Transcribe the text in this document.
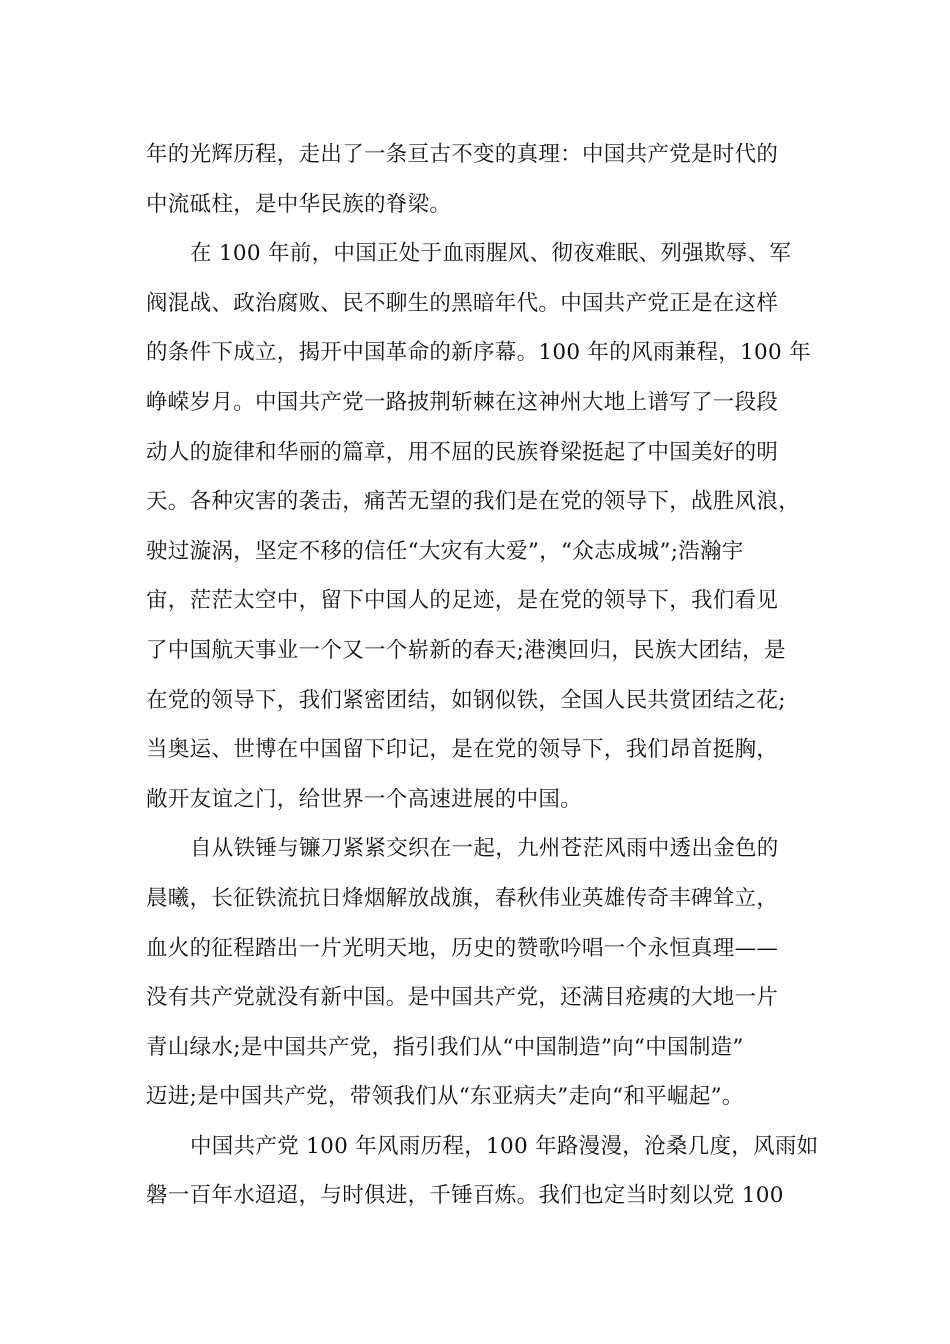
年的光辉历程，走出了一条亘古不变的真理：中国共产党是时代的
中流砥柱，是中华民族的脊梁。
在 100 年前，中国正处于血雨腥风、彻夜难眠、列强欺辱、军
阀混战、政治腐败、民不聊生的黑暗年代。中国共产党正是在这样
的条件下成立，揭开中国革命的新序幕。100 年的风雨兼程，100 年
峥嵘岁月。中国共产党一路披荆斩棘在这神州大地上谱写了一段段
动人的旋律和华丽的篇章，用不屈的民族脊梁挺起了中国美好的明
天。各种灾害的袭击，痛苦无望的我们是在党的领导下，战胜风浪，
驶过漩涡，坚定不移的信任“大灾有大爱”，“众志成城”;浩瀚宇
宙，茫茫太空中，留下中国人的足迹，是在党的领导下，我们看见
了中国航天事业一个又一个崭新的春天;港澳回归，民族大团结，是
在党的领导下，我们紧密团结，如钢似铁，全国人民共赏团结之花;
当奥运、世博在中国留下印记，是在党的领导下，我们昂首挺胸，
敞开友谊之门，给世界一个高速进展的中国。
自从铁锤与镰刀紧紧交织在一起，九州苍茫风雨中透出金色的
晨曦，长征铁流抗日烽烟解放战旗，春秋伟业英雄传奇丰碑耸立，
血火的征程踏出一片光明天地，历史的赞歌吟唱一个永恒真理——
没有共产党就没有新中国。是中国共产党，还满目疮痍的大地一片
青山绿水;是中国共产党，指引我们从“中国制造”向“中国制造”
迈进;是中国共产党，带领我们从“东亚病夫”走向“和平崛起”。
中国共产党 100 年风雨历程，100 年路漫漫，沧桑几度，风雨如
磐一百年水迢迢，与时俱进，千锤百炼。我们也定当时刻以党 100
